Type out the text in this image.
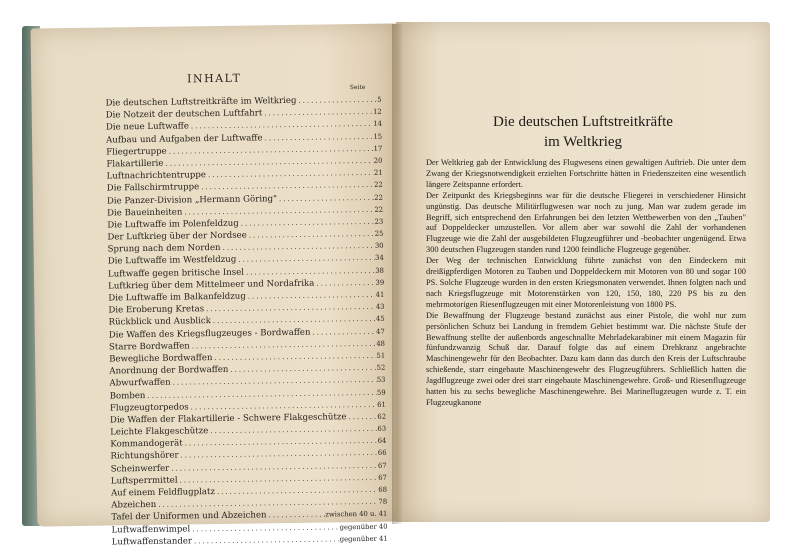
INHALT
Seite
Die deutschen Luftstreitkräfte im Weltkrieg .....	5
Die Notzeit der deutschen Luftfahrt .....	12
Die neue Luftwaffe .....	14
Aufbau und Aufgaben der Luftwaffe .....	15
Fliegertruppe .....	17
Flakartillerie .....	20
Luftnachrichtentruppe .....	21
Die Fallschirmtruppe .....	22
Die Panzer-Division „Hermann Göring" .....	22
Die Baueinheiten .....	22
Die Luftwaffe im Polenfeldzug .....	23
Der Luftkrieg über der Nordsee .....	25
Sprung nach dem Norden .....	30
Die Luftwaffe im Westfeldzug .....	34
Luftwaffe gegen britische Insel .....	38
Luftkrieg über dem Mittelmeer und Nordafrika .....	39
Die Luftwaffe im Balkanfeldzug .....	41
Die Eroberung Kretas .....	43
Rückblick und Ausblick .....	45
Die Waffen des Kriegsflugzeuges - Bordwaffen .....	47
Starre Bordwaffen .....	48
Bewegliche Bordwaffen .....	51
Anordnung der Bordwaffen .....	52
Abwurfwaffen .....	53
Bomben .....	59
Flugzeugtorpedos .....	61
Die Waffen der Flakartillerie - Schwere Flakgeschütze .....	62
Leichte Flakgeschütze .....	63
Kommandogerät .....	64
Richtungshörer .....	66
Scheinwerfer .....	67
Luftsperrmittel .....	67
Auf einem Feldflugplatz .....	68
Abzeichen .....	78
Tafel der Uniformen und Abzeichen .....	zwischen 40 u. 41
Luftwaffenwimpel .....	gegenüber 40
Luftwaffenstander .....	gegenüber 41
Die deutschen Luftstreitkräfte
im Weltkrieg

Der Weltkrieg gab der Entwicklung des Flugwesens einen gewaltigen Auftrieb. Die unter dem Zwang der Kriegsnotwendigkeit erzielten Fortschritte hätten in Friedenszeiten eine wesentlich längere Zeitspanne erfordert.

Der Zeitpunkt des Kriegsbeginns war für die deutsche Fliegerei in verschiedener Hinsicht ungünstig. Das deutsche Militärflugwesen war noch zu jung. Man war zudem gerade im Begriff, sich entsprechend den Erfahrungen bei den letzten Wettbewerben von den „Tauben" auf Doppeldecker umzustellen. Vor allem aber war sowohl die Zahl der vorhandenen Flugzeuge wie die Zahl der ausgebildeten Flugzeugführer und -beobachter ungenügend. Etwa 300 deutschen Flugzeugen standen rund 1200 feindliche Flugzeuge gegenüber.

Der Weg der technischen Entwicklung führte zunächst von den Eindeckern mit dreißigpferdigen Motoren zu Tauben und Doppeldeckern mit Motoren von 80 und sogar 100 PS. Solche Flugzeuge wurden in den ersten Kriegsmonaten verwendet. Ihnen folgten nach und nach Kriegsflugzeuge mit Motorenstärken von 120, 150, 180, 220 PS bis zu den mehrmotorigen Riesenflugzeugen mit einer Motorenleistung von 1800 PS.

Die Bewaffnung der Flugzeuge bestand zunächst aus einer Pistole, die wohl nur zum persönlichen Schutz bei Landung in fremdem Gebiet bestimmt war. Die nächste Stufe der Bewaffnung stellte der außenbords angeschnallte Mehrladekarabiner mit einem Magazin für fünfundzwanzig Schuß dar. Darauf folgte das auf einem Drehkranz angebrachte Maschinengewehr für den Beobachter. Dazu kam dann das durch den Kreis der Luftschraube schießende, starr eingebaute Maschinengewehr des Flugzeugführers. Schließlich hatten die Jagdflugzeuge zwei oder drei starr eingebaute Maschinengewehre. Groß- und Riesenflugzeuge hatten bis zu sechs bewegliche Maschinengewehre. Bei Marineflugzeugen wurde z. T. ein Flugzeugkanone
